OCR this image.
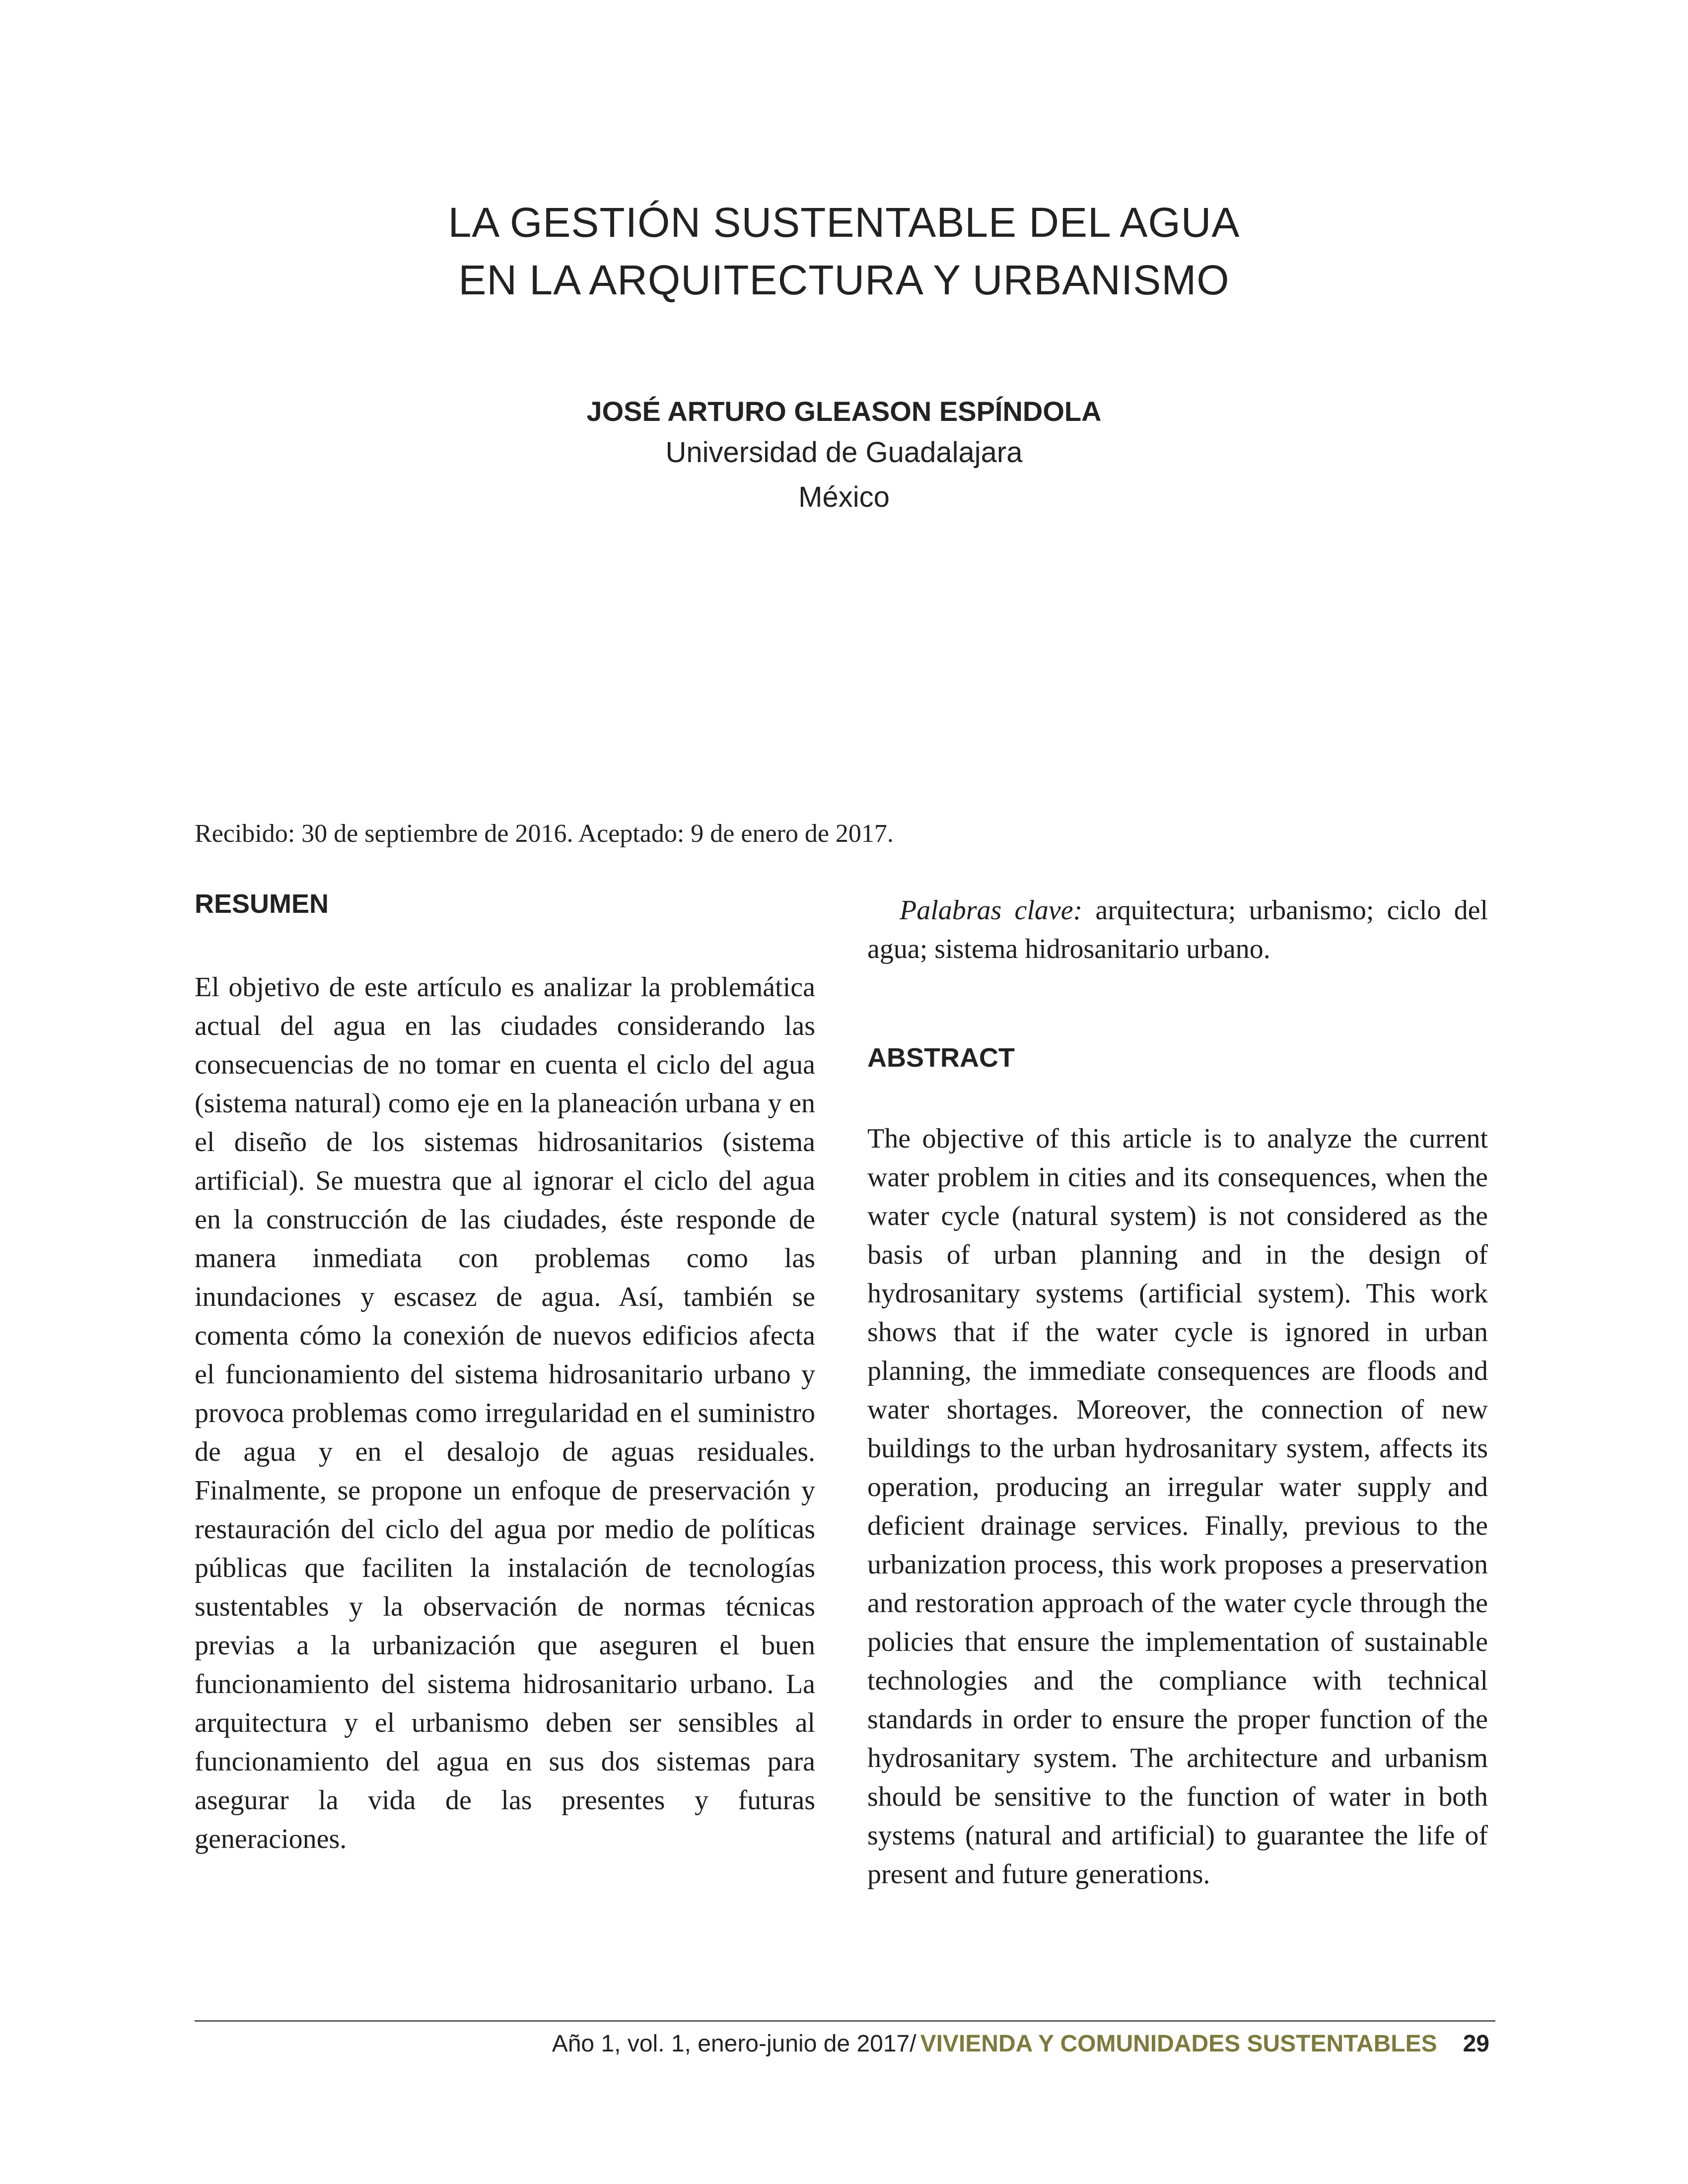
LA GESTIÓN SUSTENTABLE DEL AGUA
EN LA ARQUITECTURA Y URBANISMO
JOSÉ ARTURO GLEASON ESPÍNDOLA
Universidad de Guadalajara
México
Recibido: 30 de septiembre de 2016. Aceptado: 9 de enero de 2017.
RESUMEN

El objetivo de este artículo es analizar la problemática actual del agua en las ciudades considerando las consecuencias de no tomar en cuenta el ciclo del agua (sistema natural) como eje en la planeación urbana y en el diseño de los sistemas hidrosanitarios (sistema artificial). Se muestra que al ignorar el ciclo del agua en la construcción de las ciudades, éste responde de manera inmediata con problemas como las inundaciones y escasez de agua. Así, también se comenta cómo la conexión de nuevos edificios afecta el funcionamiento del sistema hidrosanitario urbano y provoca problemas como irregularidad en el suministro de agua y en el desalojo de aguas residuales. Finalmente, se propone un enfoque de preservación y restauración del ciclo del agua por medio de políticas públicas que faciliten la instalación de tecnologías sustentables y la observación de normas técnicas previas a la urbanización que aseguren el buen funcionamiento del sistema hidrosanitario urbano. La arquitectura y el urbanismo deben ser sensibles al funcionamiento del agua en sus dos sistemas para asegurar la vida de las presentes y futuras generaciones.

Palabras clave: arquitectura; urbanismo; ciclo del agua; sistema hidrosanitario urbano.

ABSTRACT

The objective of this article is to analyze the current water problem in cities and its consequences, when the water cycle (natural system) is not considered as the basis of urban planning and in the design of hydrosanitary systems (artificial system). This work shows that if the water cycle is ignored in urban planning, the immediate consequences are floods and water shortages. Moreover, the connection of new buildings to the urban hydrosanitary system, affects its operation, producing an irregular water supply and deficient drainage services. Finally, previous to the urbanization process, this work proposes a preservation and restoration approach of the water cycle through the policies that ensure the implementation of sustainable technologies and the compliance with technical standards in order to ensure the proper function of the hydrosanitary system. The architecture and urbanism should be sensitive to the function of water in both systems (natural and artificial) to guarantee the life of present and future generations.

Año 1, vol. 1, enero-junio de 2017/ VIVIENDA Y COMUNIDADES SUSTENTABLES 29
